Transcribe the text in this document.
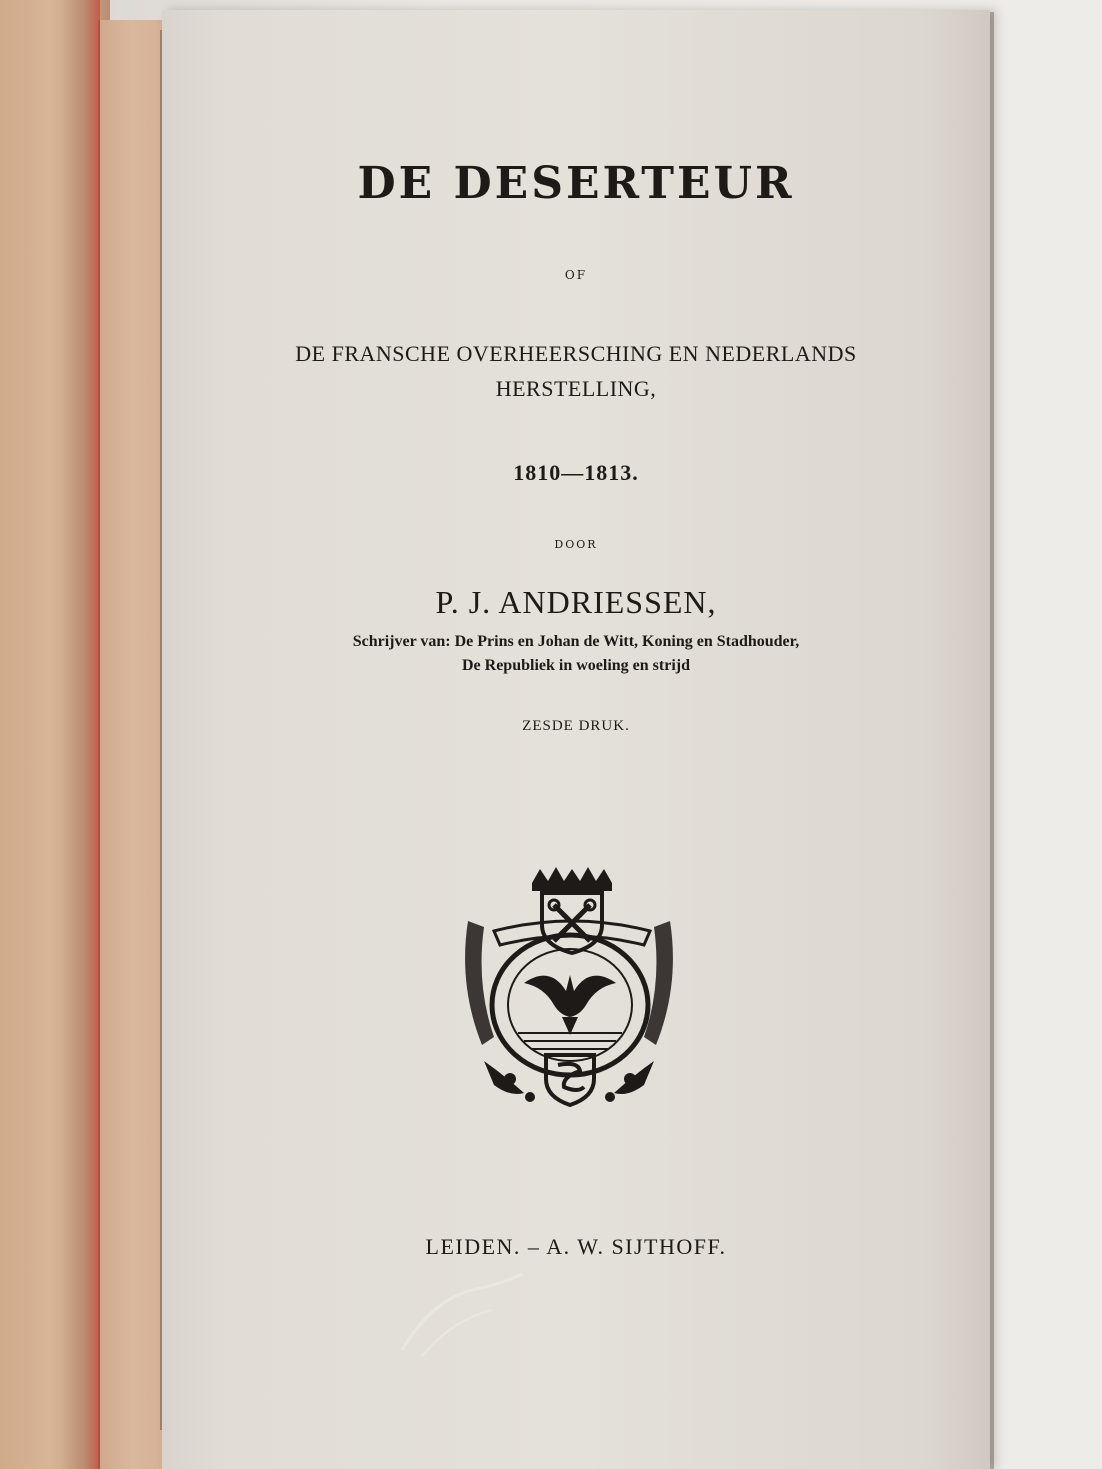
DE DESERTEUR
OF
DE FRANSCHE OVERHEERSCHING EN NEDERLANDS
HERSTELLING,
1810—1813.
DOOR
P. J. ANDRIESSEN,
Schrijver van: De Prins en Johan de Witt, Koning en Stadhouder,
De Republiek in woeling en strijd
ZESDE DRUK.
LEIDEN. – A. W. SIJTHOFF.
